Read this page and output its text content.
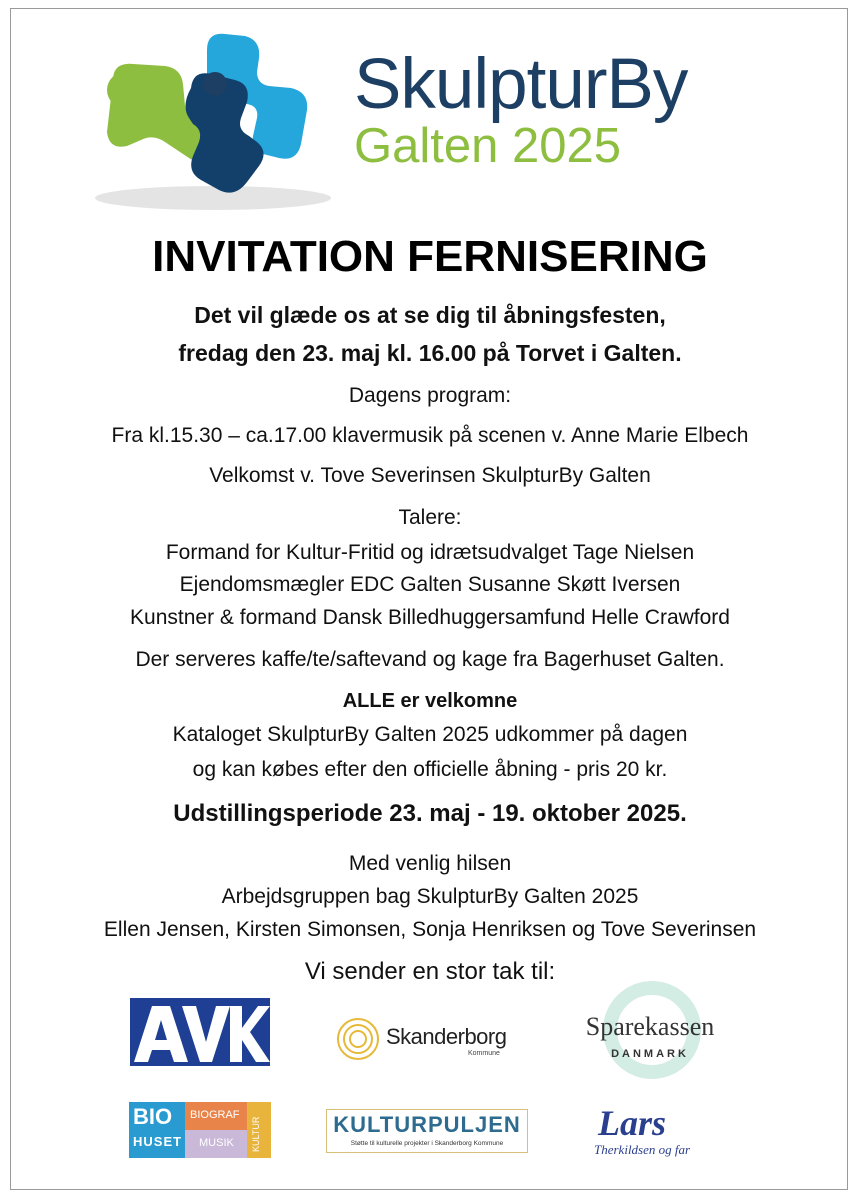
SkulpturBy
Galten 2025
INVITATION FERNISERING
Det vil glæde os at se dig til åbningsfesten,
fredag den 23. maj kl. 16.00 på Torvet i Galten.
Dagens program:
Fra kl.15.30 – ca.17.00 klavermusik på scenen v. Anne Marie Elbech
Velkomst v. Tove Severinsen SkulpturBy Galten
Talere:
Formand for Kultur-Fritid og idrætsudvalget Tage Nielsen
Ejendomsmægler EDC Galten Susanne Skøtt Iversen
Kunstner & formand Dansk Billedhuggersamfund Helle Crawford
Der serveres kaffe/te/saftevand og kage fra Bagerhuset Galten.
ALLE er velkomne
Kataloget SkulpturBy Galten 2025 udkommer på dagen
og kan købes efter den officielle åbning - pris 20 kr.
Udstillingsperiode 23. maj - 19. oktober 2025.
Med venlig hilsen
Arbejdsgruppen bag SkulpturBy Galten 2025
Ellen Jensen, Kirsten Simonsen, Sonja Henriksen og Tove Severinsen
Vi sender en stor tak til:
Skanderborg
Kommune
Sparekassen
DANMARK
BIO
HUSET
BIOGRAF
MUSIK KULTUR	KULTURPULJEN
Støtte til kulturelle projekter i Skanderborg Kommune
Lars
Therkildsen og far
